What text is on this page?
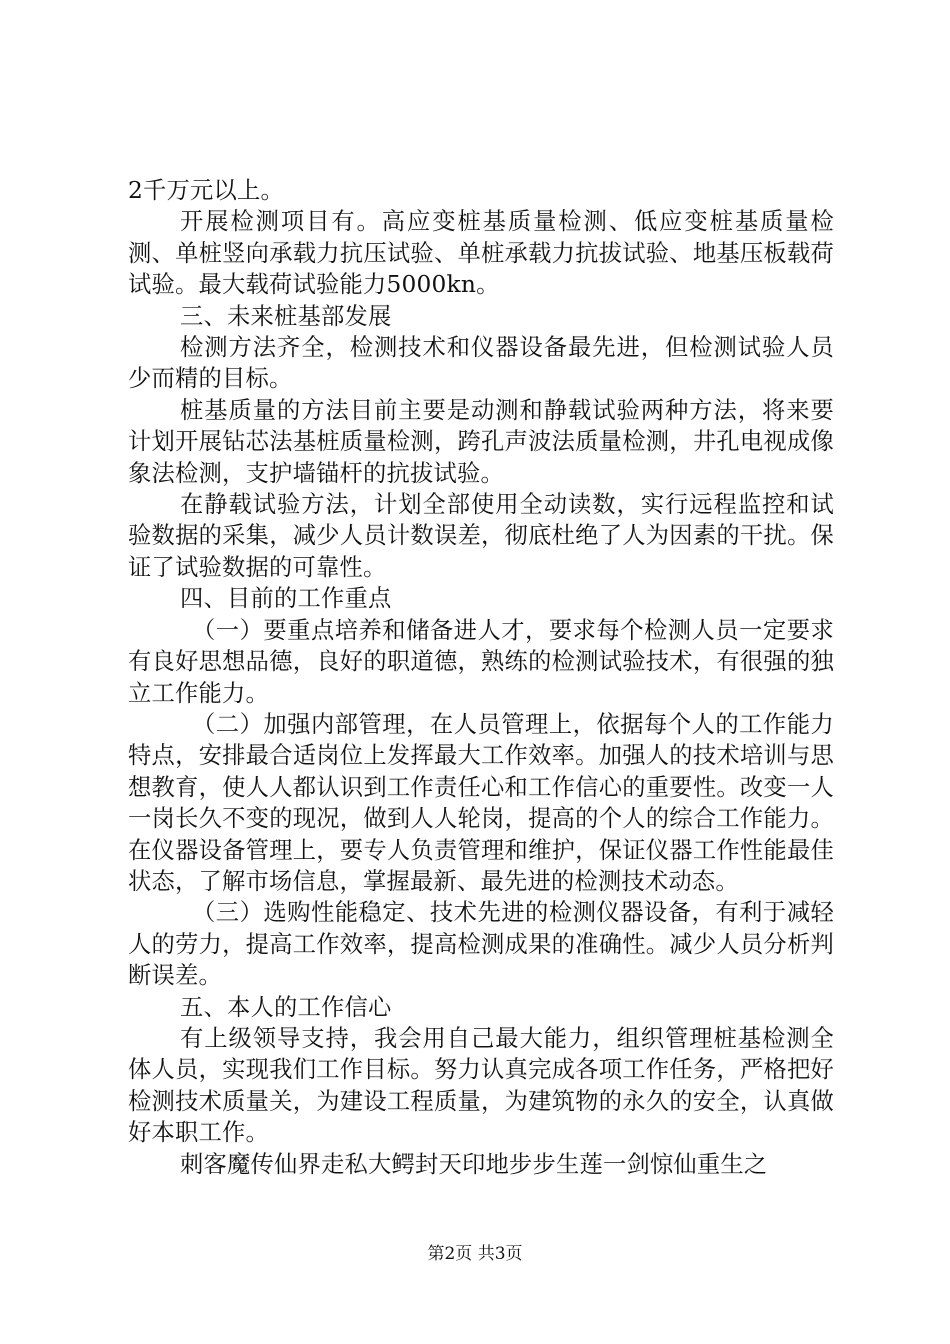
2千万元以上。

开展检测项目有。高应变桩基质量检测、低应变桩基质量检测、单桩竖向承载力抗压试验、单桩承载力抗拔试验、地基压板载荷试验。最大载荷试验能力5000kn。

三、未来桩基部发展

检测方法齐全，检测技术和仪器设备最先进，但检测试验人员少而精的目标。

桩基质量的方法目前主要是动测和静载试验两种方法，将来要计划开展钻芯法基桩质量检测，跨孔声波法质量检测，井孔电视成像象法检测，支护墙锚杆的抗拔试验。

在静载试验方法，计划全部使用全动读数，实行远程监控和试验数据的采集，减少人员计数误差，彻底杜绝了人为因素的干扰。保证了试验数据的可靠性。

四、目前的工作重点

（一）要重点培养和储备进人才，要求每个检测人员一定要求有良好思想品德，良好的职道德，熟练的检测试验技术，有很强的独立工作能力。

（二）加强内部管理，在人员管理上，依据每个人的工作能力特点，安排最合适岗位上发挥最大工作效率。加强人的技术培训与思想教育，使人人都认识到工作责任心和工作信心的重要性。改变一人一岗长久不变的现况，做到人人轮岗，提高的个人的综合工作能力。在仪器设备管理上，要专人负责管理和维护，保证仪器工作性能最佳状态，了解市场信息，掌握最新、最先进的检测技术动态。

（三）选购性能稳定、技术先进的检测仪器设备，有利于减轻人的劳力，提高工作效率，提高检测成果的准确性。减少人员分析判断误差。

五、本人的工作信心

有上级领导支持，我会用自己最大能力，组织管理桩基检测全体人员，实现我们工作目标。努力认真完成各项工作任务，严格把好检测技术质量关，为建设工程质量，为建筑物的永久的安全，认真做好本职工作。

刺客魔传仙界走私大鳄封天印地步步生莲一剑惊仙重生之

第2页 共3页
